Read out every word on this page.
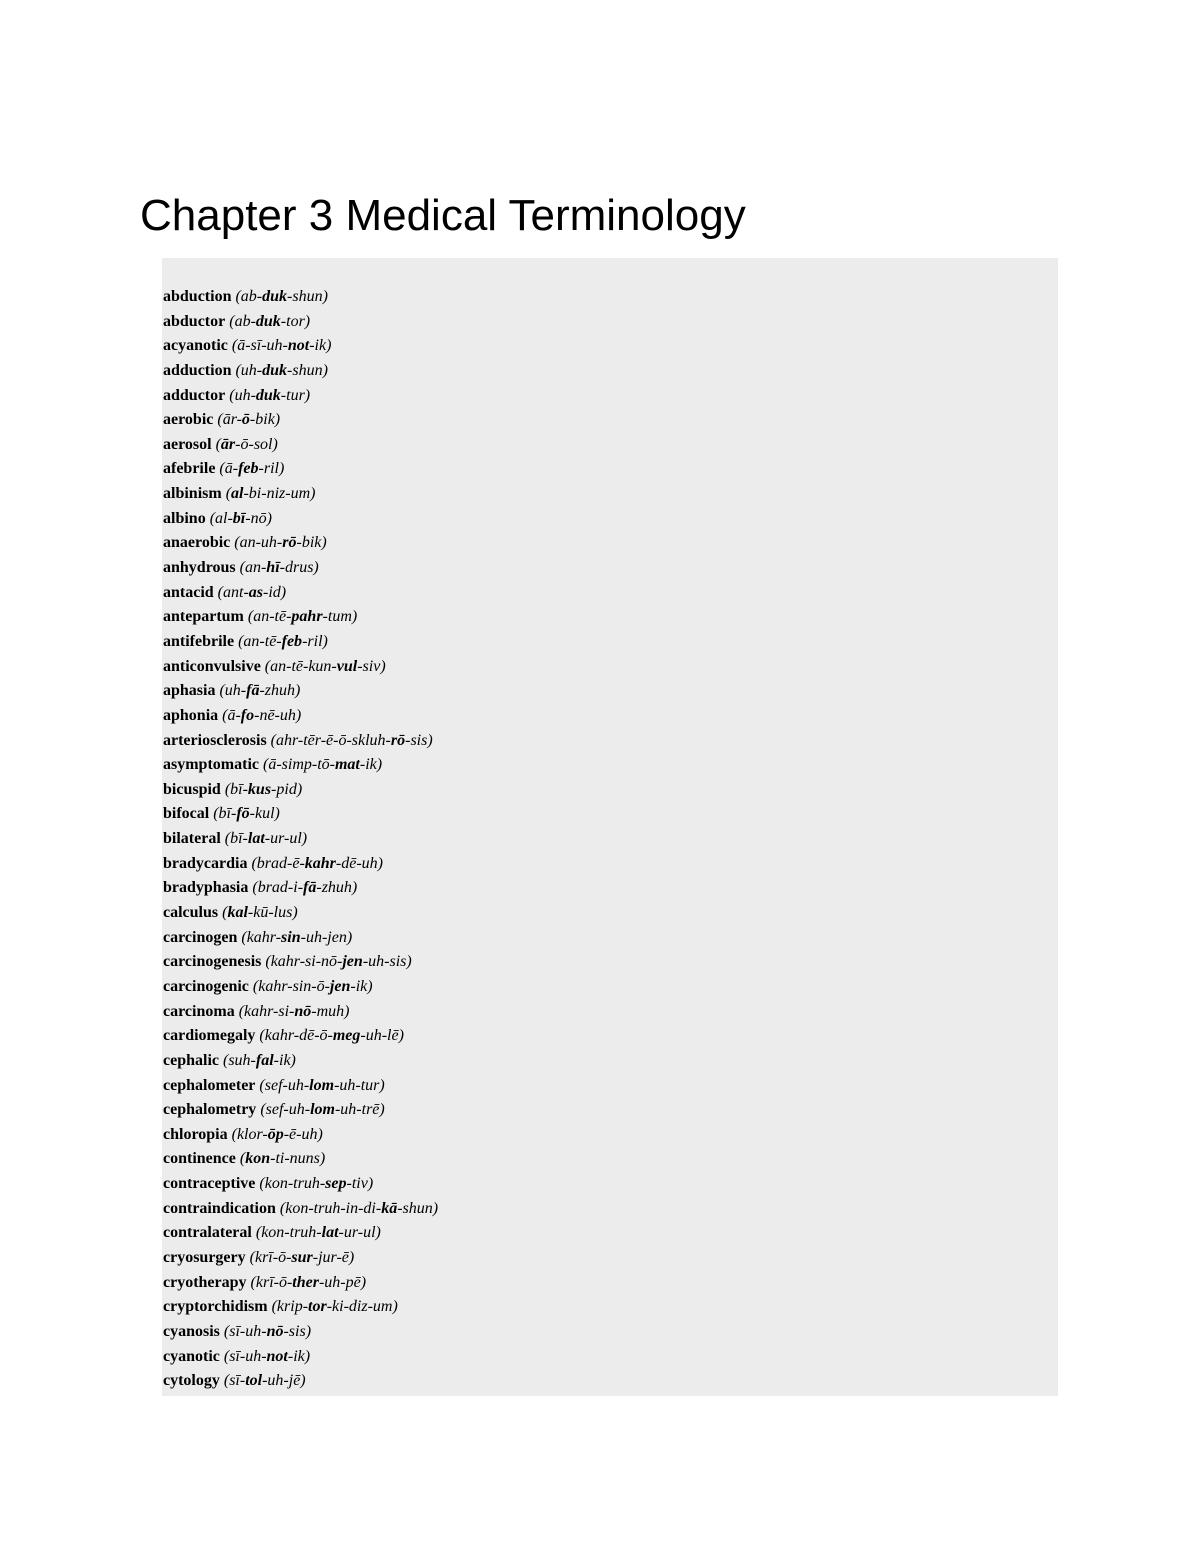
Chapter 3 Medical Terminology
abduction (ab-duk-shun)
abductor (ab-duk-tor)
acyanotic (ā-sī-uh-not-ik)
adduction (uh-duk-shun)
adductor (uh-duk-tur)
aerobic (ār-ō-bik)
aerosol (ār-ō-sol)
afebrile (ā-feb-ril)
albinism (al-bi-niz-um)
albino (al-bī-nō)
anaerobic (an-uh-rō-bik)
anhydrous (an-hī-drus)
antacid (ant-as-id)
antepartum (an-tē-pahr-tum)
antifebrile (an-tē-feb-ril)
anticonvulsive (an-tē-kun-vul-siv)
aphasia (uh-fā-zhuh)
aphonia (ā-fo-nē-uh)
arteriosclerosis (ahr-tēr-ē-ō-skluh-rō-sis)
asymptomatic (ā-simp-tō-mat-ik)
bicuspid (bī-kus-pid)
bifocal (bī-fō-kul)
bilateral (bī-lat-ur-ul)
bradycardia (brad-ē-kahr-dē-uh)
bradyphasia (brad-i-fā-zhuh)
calculus (kal-kū-lus)
carcinogen (kahr-sin-uh-jen)
carcinogenesis (kahr-si-nō-jen-uh-sis)
carcinogenic (kahr-sin-ō-jen-ik)
carcinoma (kahr-si-nō-muh)
cardiomegaly (kahr-dē-ō-meg-uh-lē)
cephalic (suh-fal-ik)
cephalometer (sef-uh-lom-uh-tur)
cephalometry (sef-uh-lom-uh-trē)
chloropia (klor-ōp-ē-uh)
continence (kon-ti-nuns)
contraceptive (kon-truh-sep-tiv)
contraindication (kon-truh-in-di-kā-shun)
contralateral (kon-truh-lat-ur-ul)
cryosurgery (krī-ō-sur-jur-ē)
cryotherapy (krī-ō-ther-uh-pē)
cryptorchidism (krip-tor-ki-diz-um)
cyanosis (sī-uh-nō-sis)
cyanotic (sī-uh-not-ik)
cytology (sī-tol-uh-jē)
